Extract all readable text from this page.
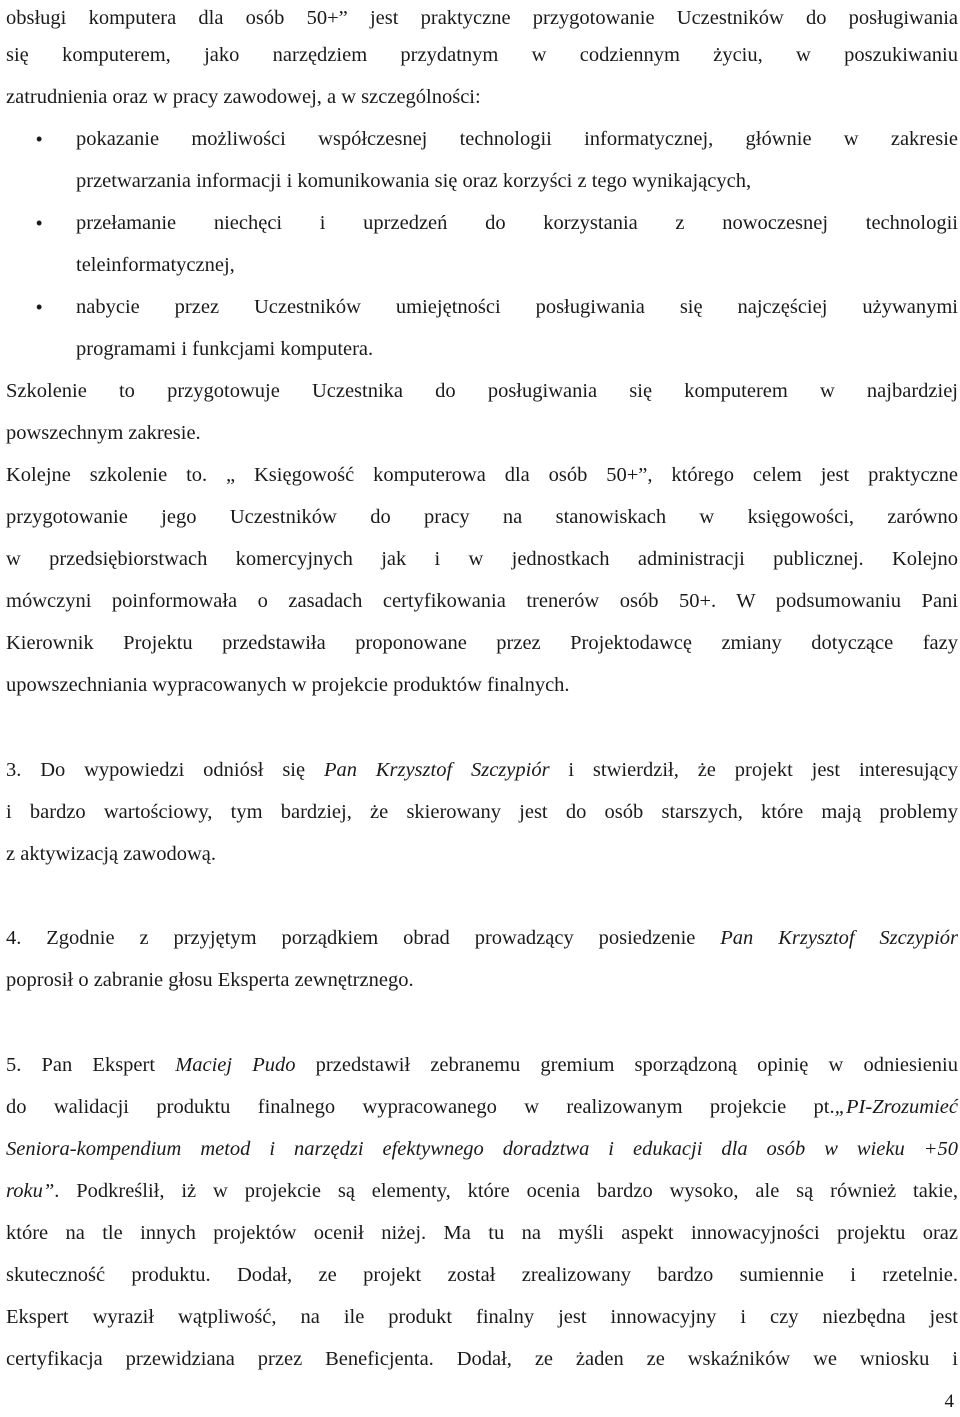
obsługi komputera dla osób 50+” jest praktyczne przygotowanie Uczestników do posługiwania
się komputerem, jako narzędziem przydatnym w codziennym życiu, w poszukiwaniu
zatrudnienia oraz w pracy zawodowej, a w szczególności:
• pokazanie możliwości współczesnej technologii informatycznej, głównie w zakresie
przetwarzania informacji i komunikowania się oraz korzyści z tego wynikających,
• przełamanie niechęci i uprzedzeń do korzystania z nowoczesnej technologii
teleinformatycznej,
• nabycie przez Uczestników umiejętności posługiwania się najczęściej używanymi
programami i funkcjami komputera.
Szkolenie to przygotowuje Uczestnika do posługiwania się komputerem w najbardziej
powszechnym zakresie.
Kolejne szkolenie to. „ Księgowość komputerowa dla osób 50+”, którego celem jest praktyczne
przygotowanie jego Uczestników do pracy na stanowiskach w księgowości, zarówno
w przedsiębiorstwach komercyjnych jak i w jednostkach administracji publicznej. Kolejno
mówczyni poinformowała o zasadach certyfikowania trenerów osób 50+. W podsumowaniu Pani
Kierownik Projektu przedstawiła proponowane przez Projektodawcę zmiany dotyczące fazy
upowszechniania wypracowanych w projekcie produktów finalnych.
3. Do wypowiedzi odniósł się Pan Krzysztof Szczypiór i stwierdził, że projekt jest interesujący
i bardzo wartościowy, tym bardziej, że skierowany jest do osób starszych, które mają problemy
z aktywizacją zawodową.
4. Zgodnie z przyjętym porządkiem obrad prowadzący posiedzenie Pan Krzysztof Szczypiór
poprosił o zabranie głosu Eksperta zewnętrznego.
5. Pan Ekspert Maciej Pudo przedstawił zebranemu gremium sporządzoną opinię w odniesieniu
do walidacji produktu finalnego wypracowanego w realizowanym projekcie pt.„PI-Zrozumieć
Seniora-kompendium metod i narzędzi efektywnego doradztwa i edukacji dla osób w wieku +50
roku”. Podkreślił, iż w projekcie są elementy, które ocenia bardzo wysoko, ale są również takie,
które na tle innych projektów ocenił niżej. Ma tu na myśli aspekt innowacyjności projektu oraz
skuteczność produktu. Dodał, ze projekt został zrealizowany bardzo sumiennie i rzetelnie.
Ekspert wyraził wątpliwość, na ile produkt finalny jest innowacyjny i czy niezbędna jest
certyfikacja przewidziana przez Beneficjenta. Dodał, ze żaden ze wskaźników we wniosku i
4
